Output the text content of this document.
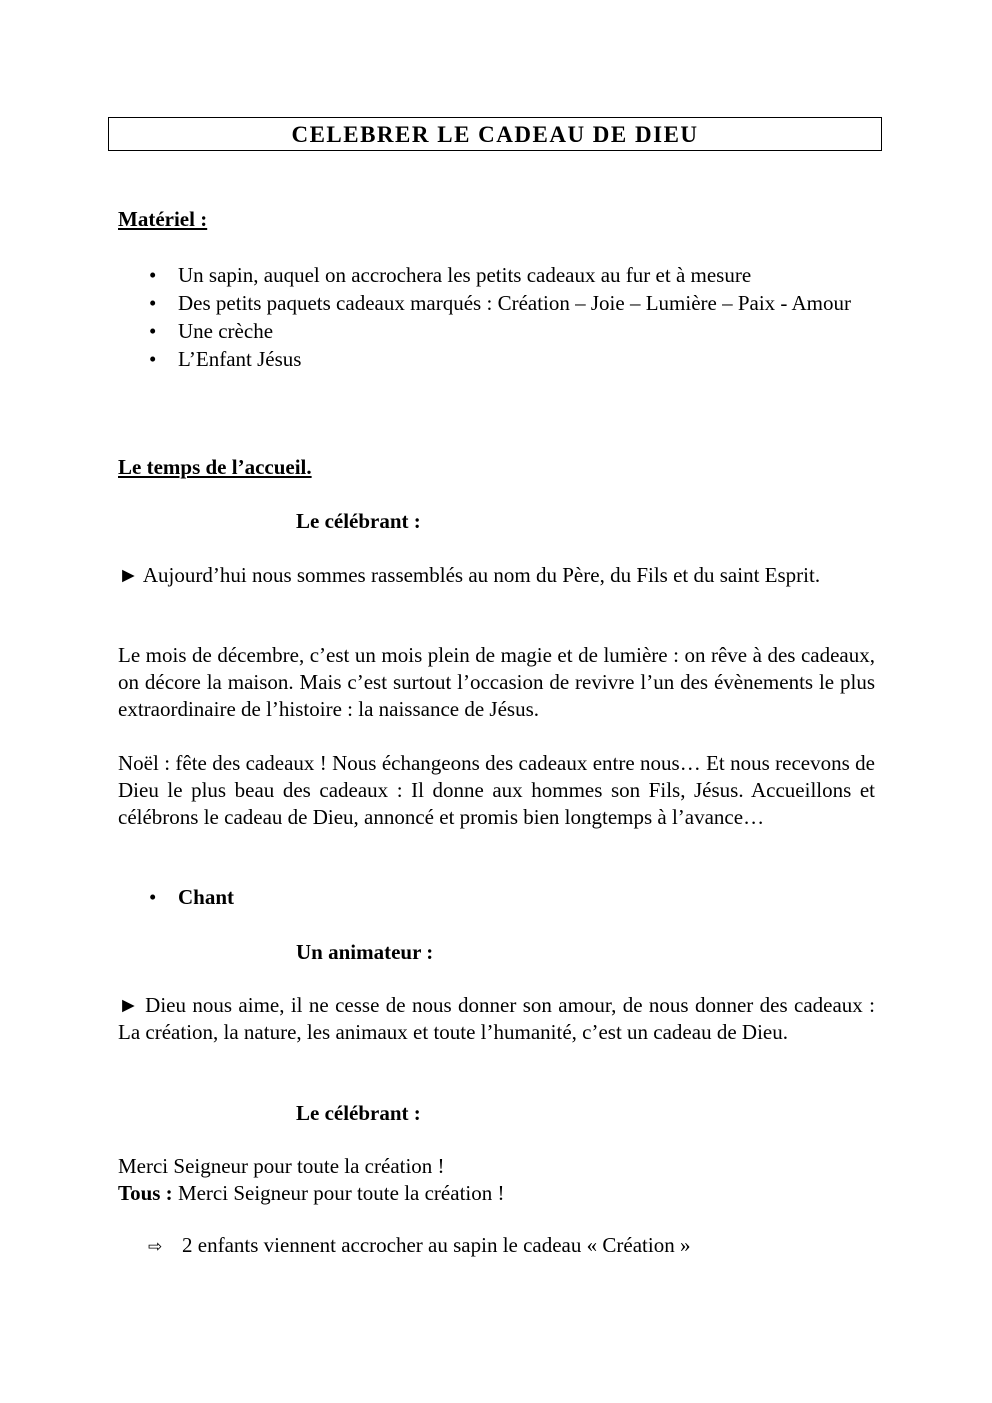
CELEBRER LE CADEAU DE DIEU
Matériel :
• Un sapin, auquel on accrochera les petits cadeaux au fur et à mesure
• Des petits paquets cadeaux marqués : Création – Joie – Lumière – Paix - Amour
• Une crèche
• L’Enfant Jésus
Le temps de l’accueil.
Le célébrant :
► Aujourd’hui nous sommes rassemblés au nom du Père, du Fils et du saint Esprit.
Le mois de décembre, c’est un mois plein de magie et de lumière : on rêve à des cadeaux, on décore la maison. Mais c’est surtout l’occasion de revivre l’un des évènements le plus extraordinaire de l’histoire : la naissance de Jésus.
Noël : fête des cadeaux ! Nous échangeons des cadeaux entre nous… Et nous recevons de Dieu le plus beau des cadeaux : Il donne aux hommes son Fils, Jésus. Accueillons et célébrons le cadeau de Dieu, annoncé et promis bien longtemps à l’avance…
• Chant
Un animateur :
► Dieu nous aime, il ne cesse de nous donner son amour, de nous donner des cadeaux : La création, la nature, les animaux et toute l’humanité, c’est un cadeau de Dieu.
Le célébrant :
Merci Seigneur pour toute la création !
Tous : Merci Seigneur pour toute la création !
⇨ 2 enfants viennent accrocher au sapin le cadeau « Création »
